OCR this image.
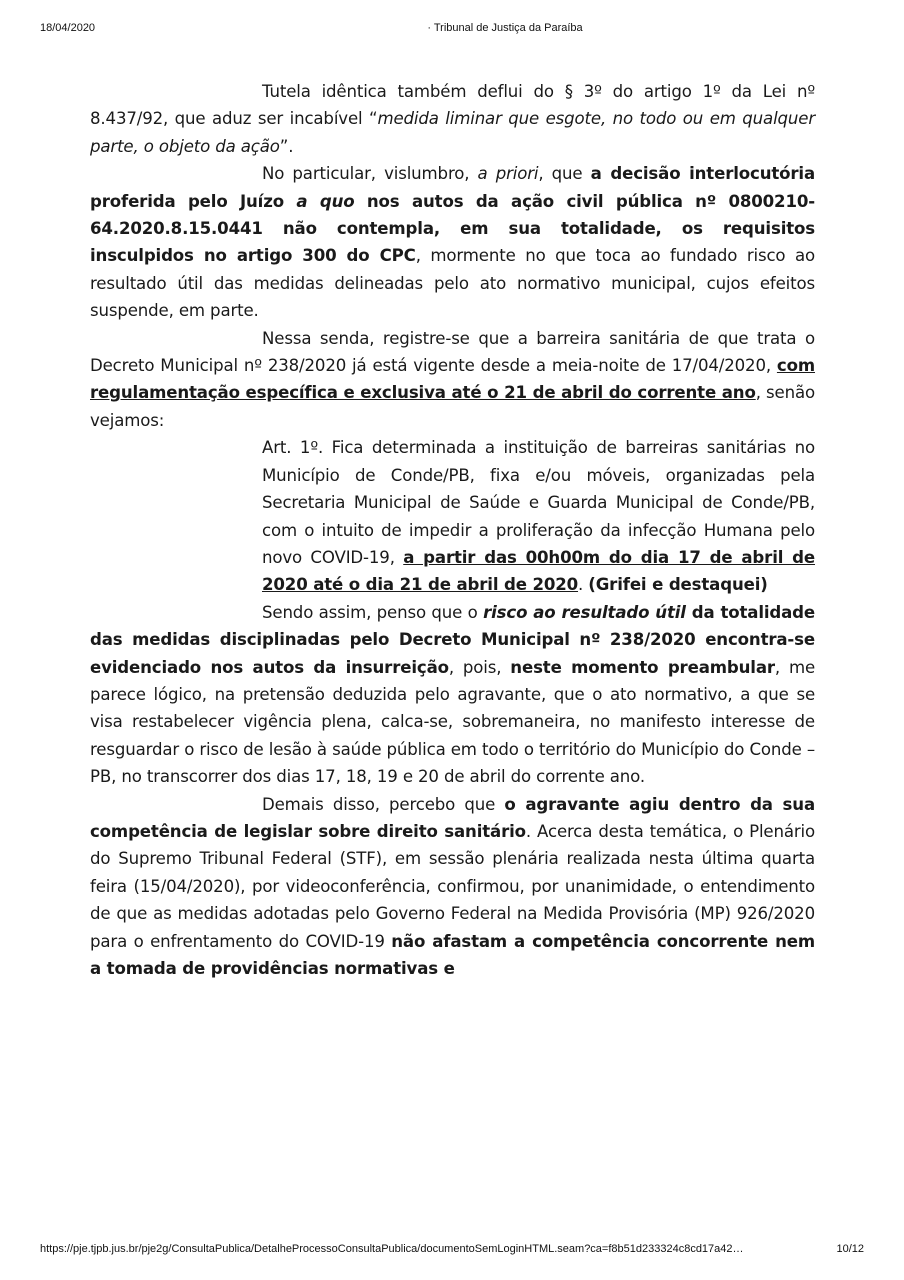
18/04/2020	· Tribunal de Justiça da Paraíba

Tutela idêntica também deflui do § 3º do artigo 1º da Lei nº 8.437/92, que aduz ser incabível “medida liminar que esgote, no todo ou em qualquer parte, o objeto da ação”.

No particular, vislumbro, a priori, que a decisão interlocutória proferida pelo Juízo a quo nos autos da ação civil pública nº 0800210-64.2020.8.15.0441 não contempla, em sua totalidade, os requisitos insculpidos no artigo 300 do CPC, mormente no que toca ao fundado risco ao resultado útil das medidas delineadas pelo ato normativo municipal, cujos efeitos suspende, em parte.

Nessa senda, registre-se que a barreira sanitária de que trata o Decreto Municipal nº 238/2020 já está vigente desde a meia-noite de 17/04/2020, com regulamentação específica e exclusiva até o 21 de abril do corrente ano, senão vejamos:

Art. 1º. Fica determinada a instituição de barreiras sanitárias no Município de Conde/PB, fixa e/ou móveis, organizadas pela Secretaria Municipal de Saúde e Guarda Municipal de Conde/PB, com o intuito de impedir a proliferação da infecção Humana pelo novo COVID-19, a partir das 00h00m do dia 17 de abril de 2020 até o dia 21 de abril de 2020. (Grifei e destaquei)

Sendo assim, penso que o risco ao resultado útil da totalidade das medidas disciplinadas pelo Decreto Municipal nº 238/2020 encontra-se evidenciado nos autos da insurreição, pois, neste momento preambular, me parece lógico, na pretensão deduzida pelo agravante, que o ato normativo, a que se visa restabelecer vigência plena, calca-se, sobremaneira, no manifesto interesse de resguardar o risco de lesão à saúde pública em todo o território do Município do Conde – PB, no transcorrer dos dias 17, 18, 19 e 20 de abril do corrente ano.

Demais disso, percebo que o agravante agiu dentro da sua competência de legislar sobre direito sanitário. Acerca desta temática, o Plenário do Supremo Tribunal Federal (STF), em sessão plenária realizada nesta última quarta feira (15/04/2020), por videoconferência, confirmou, por unanimidade, o entendimento de que as medidas adotadas pelo Governo Federal na Medida Provisória (MP) 926/2020 para o enfrentamento do COVID-19 não afastam a competência concorrente nem a tomada de providências normativas e

https://pje.tjpb.jus.br/pje2g/ConsultaPublica/DetalheProcessoConsultaPublica/documentoSemLoginHTML.seam?ca=f8b51d233324c8cd17a42…	10/12
